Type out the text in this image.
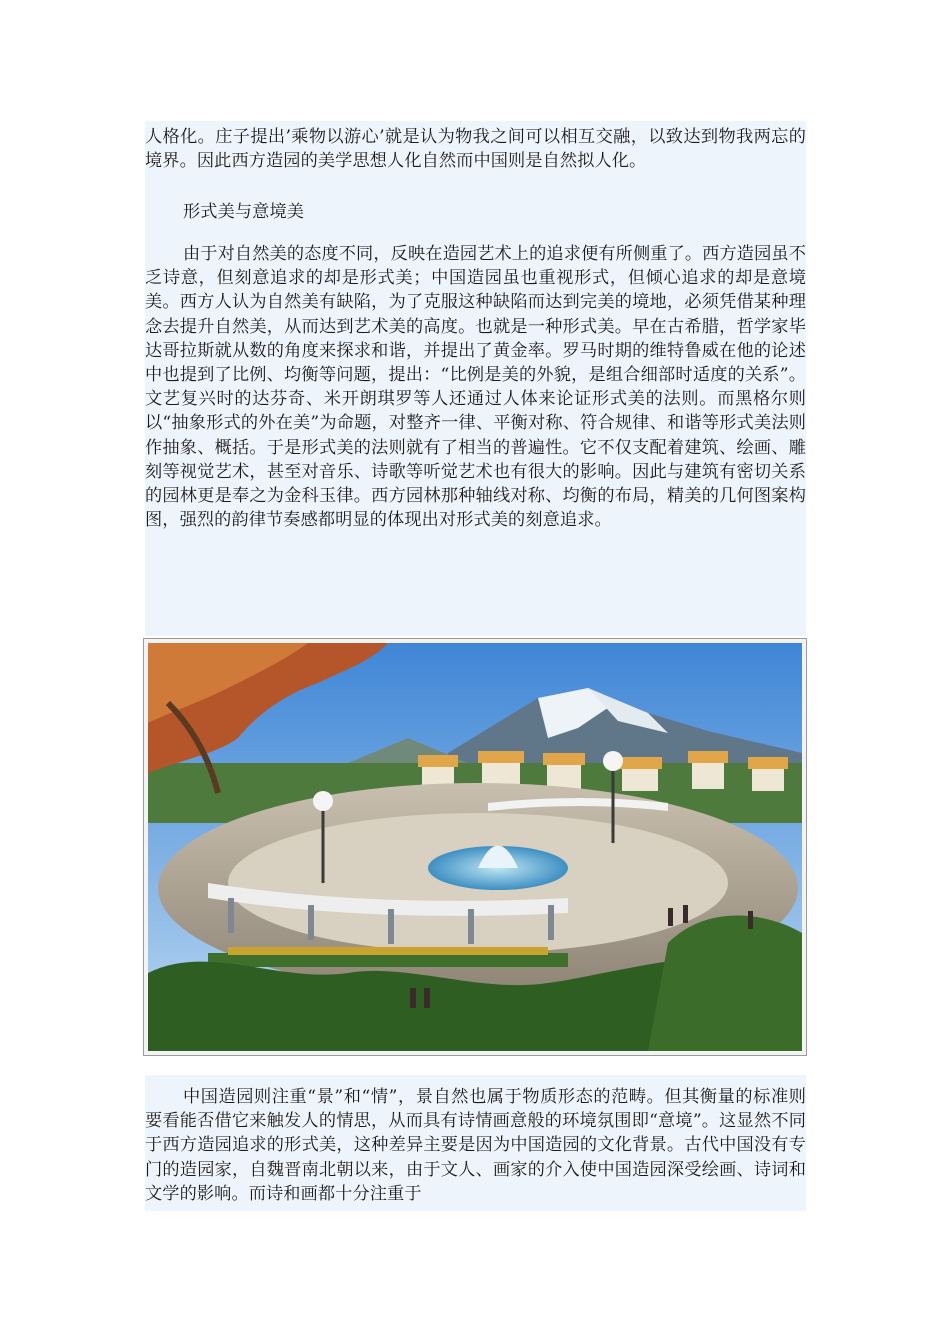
人格化。庄子提出’乘物以游心’就是认为物我之间可以相互交融，以致达到物我两忘的境界。因此西方造园的美学思想人化自然而中国则是自然拟人化。

形式美与意境美

由于对自然美的态度不同，反映在造园艺术上的追求便有所侧重了。西方造园虽不乏诗意，但刻意追求的却是形式美；中国造园虽也重视形式，但倾心追求的却是意境美。西方人认为自然美有缺陷，为了克服这种缺陷而达到完美的境地，必须凭借某种理念去提升自然美，从而达到艺术美的高度。也就是一种形式美。早在古希腊，哲学家毕达哥拉斯就从数的角度来探求和谐，并提出了黄金率。罗马时期的维特鲁威在他的论述中也提到了比例、均衡等问题，提出：“比例是美的外貌，是组合细部时适度的关系”。文艺复兴时的达芬奇、米开朗琪罗等人还通过人体来论证形式美的法则。而黑格尔则以“抽象形式的外在美”为命题，对整齐一律、平衡对称、符合规律、和谐等形式美法则作抽象、概括。于是形式美的法则就有了相当的普遍性。它不仅支配着建筑、绘画、雕刻等视觉艺术，甚至对音乐、诗歌等听觉艺术也有很大的影响。因此与建筑有密切关系的园林更是奉之为金科玉律。西方园林那种轴线对称、均衡的布局，精美的几何图案构图，强烈的韵律节奏感都明显的体现出对形式美的刻意追求。

中国造园则注重“景”和“情”，景自然也属于物质形态的范畴。但其衡量的标准则要看能否借它来触发人的情思，从而具有诗情画意般的环境氛围即“意境”。这显然不同于西方造园追求的形式美，这种差异主要是因为中国造园的文化背景。古代中国没有专门的造园家，自魏晋南北朝以来，由于文人、画家的介入使中国造园深受绘画、诗词和文学的影响。而诗和画都十分注重于
